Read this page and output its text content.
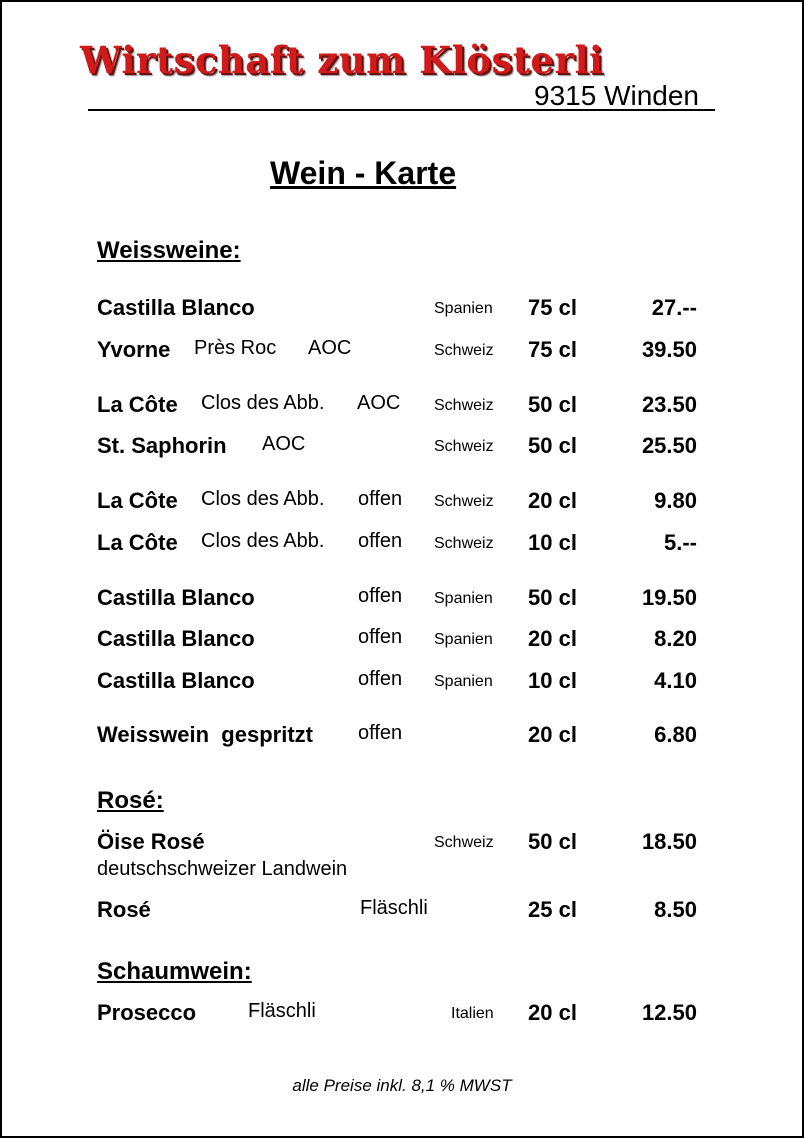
Wirtschaft zum Klösterli
9315 Winden
Wein - Karte
Weissweine:
Castilla Blanco	Spanien 75 cl	27.--
Yvorne Près Roc AOC	Schweiz 75 cl	39.50
La Côte Clos des Abb. AOC Schweiz 50 cl	23.50
St. Saphorin AOC	Schweiz 50 cl	25.50
La Côte Clos des Abb. offen Schweiz 20 cl	9.80
La Côte Clos des Abb. offen Schweiz 10 cl	5.--
Castilla Blanco	offen Spanien 50 cl	19.50
Castilla Blanco	offen Spanien 20 cl	8.20
Castilla Blanco	offen Spanien 10 cl	4.10
Weisswein  gespritzt offen	20 cl	6.80
Rosé:
Öise Rosé	Schweiz 50 cl	18.50
deutschschweizer Landwein
Rosé	Fläschli	25 cl	8.50
Schaumwein:
Prosecco	Fläschli	Italien 20 cl	12.50
alle Preise inkl. 8,1 % MWST
